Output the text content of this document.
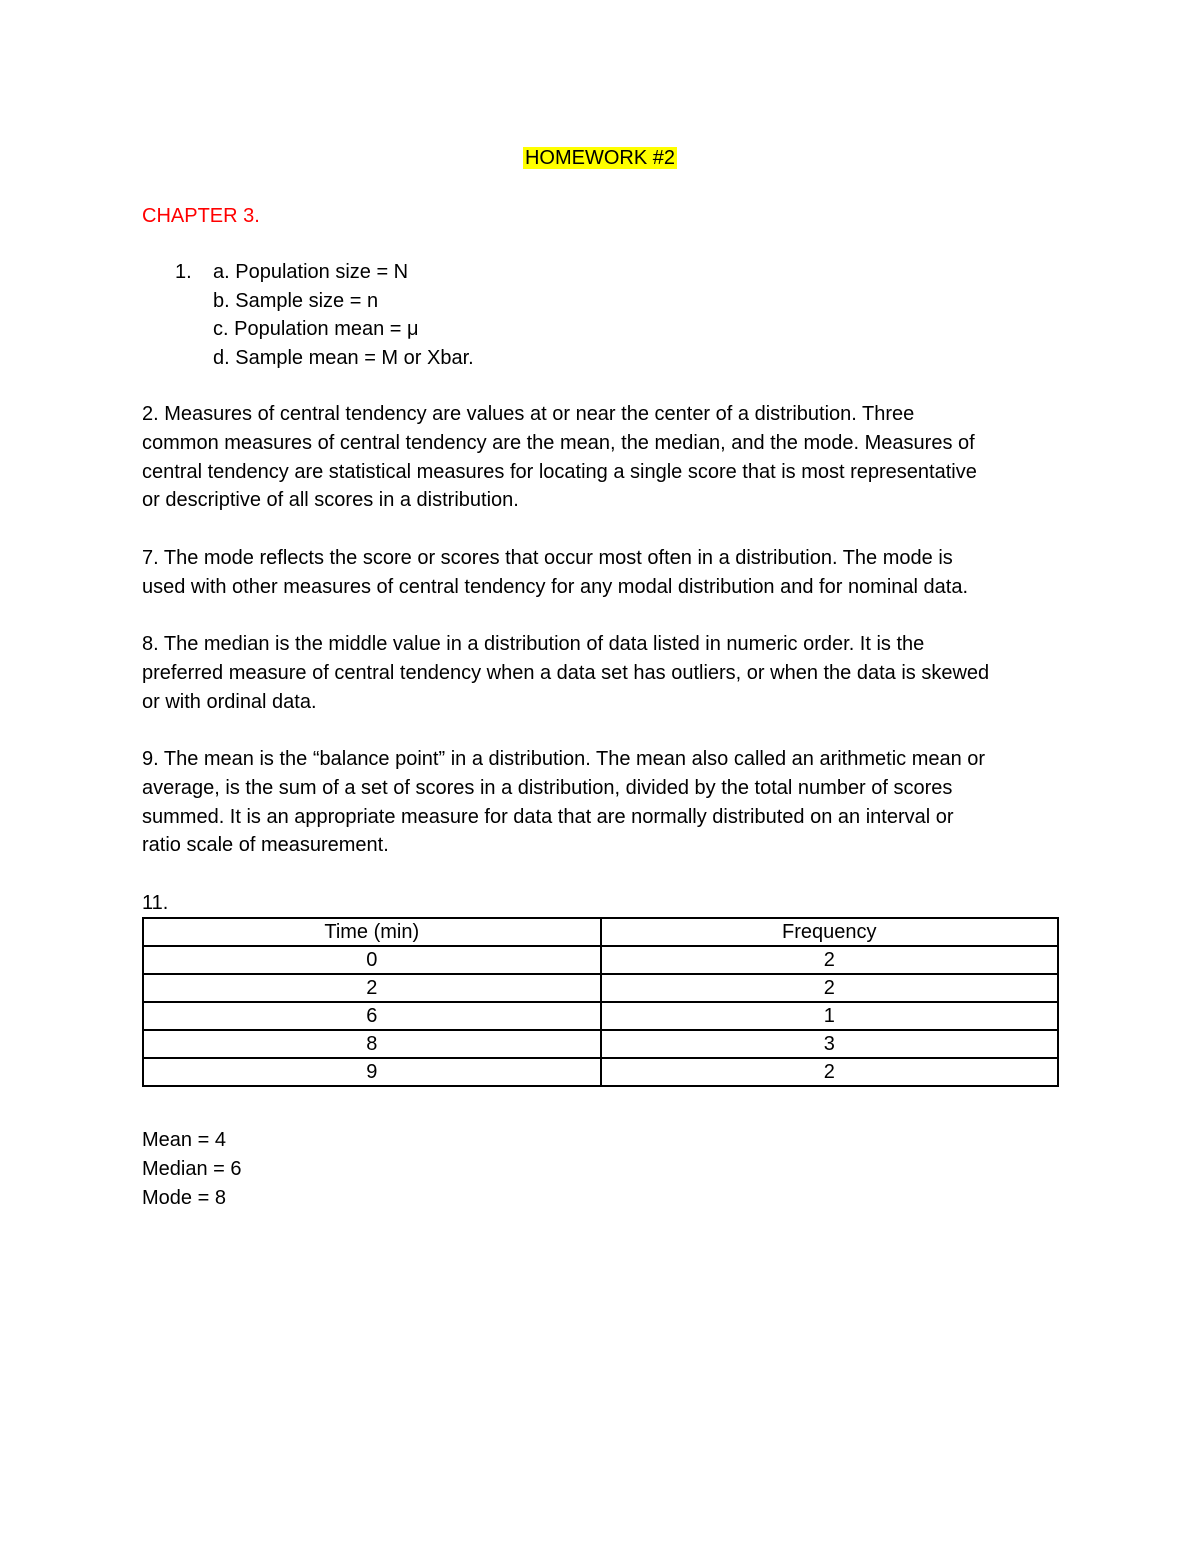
HOMEWORK #2
CHAPTER 3.
1. a. Population size = N
b. Sample size = n
c. Population mean = μ
d. Sample mean = M or Xbar.
2. Measures of central tendency are values at or near the center of a distribution. Three
common measures of central tendency are the mean, the median, and the mode. Measures of
central tendency are statistical measures for locating a single score that is most representative
or descriptive of all scores in a distribution.
7. The mode reflects the score or scores that occur most often in a distribution. The mode is
used with other measures of central tendency for any modal distribution and for nominal data.
8. The median is the middle value in a distribution of data listed in numeric order. It is the
preferred measure of central tendency when a data set has outliers, or when the data is skewed
or with ordinal data.
9. The mean is the “balance point” in a distribution. The mean also called an arithmetic mean or
average, is the sum of a set of scores in a distribution, divided by the total number of scores
summed. It is an appropriate measure for data that are normally distributed on an interval or
ratio scale of measurement.
11.
Time (min)	Frequency
0	2
2	2
6	1
8	3
9	2
Mean = 4
Median = 6
Mode = 8
